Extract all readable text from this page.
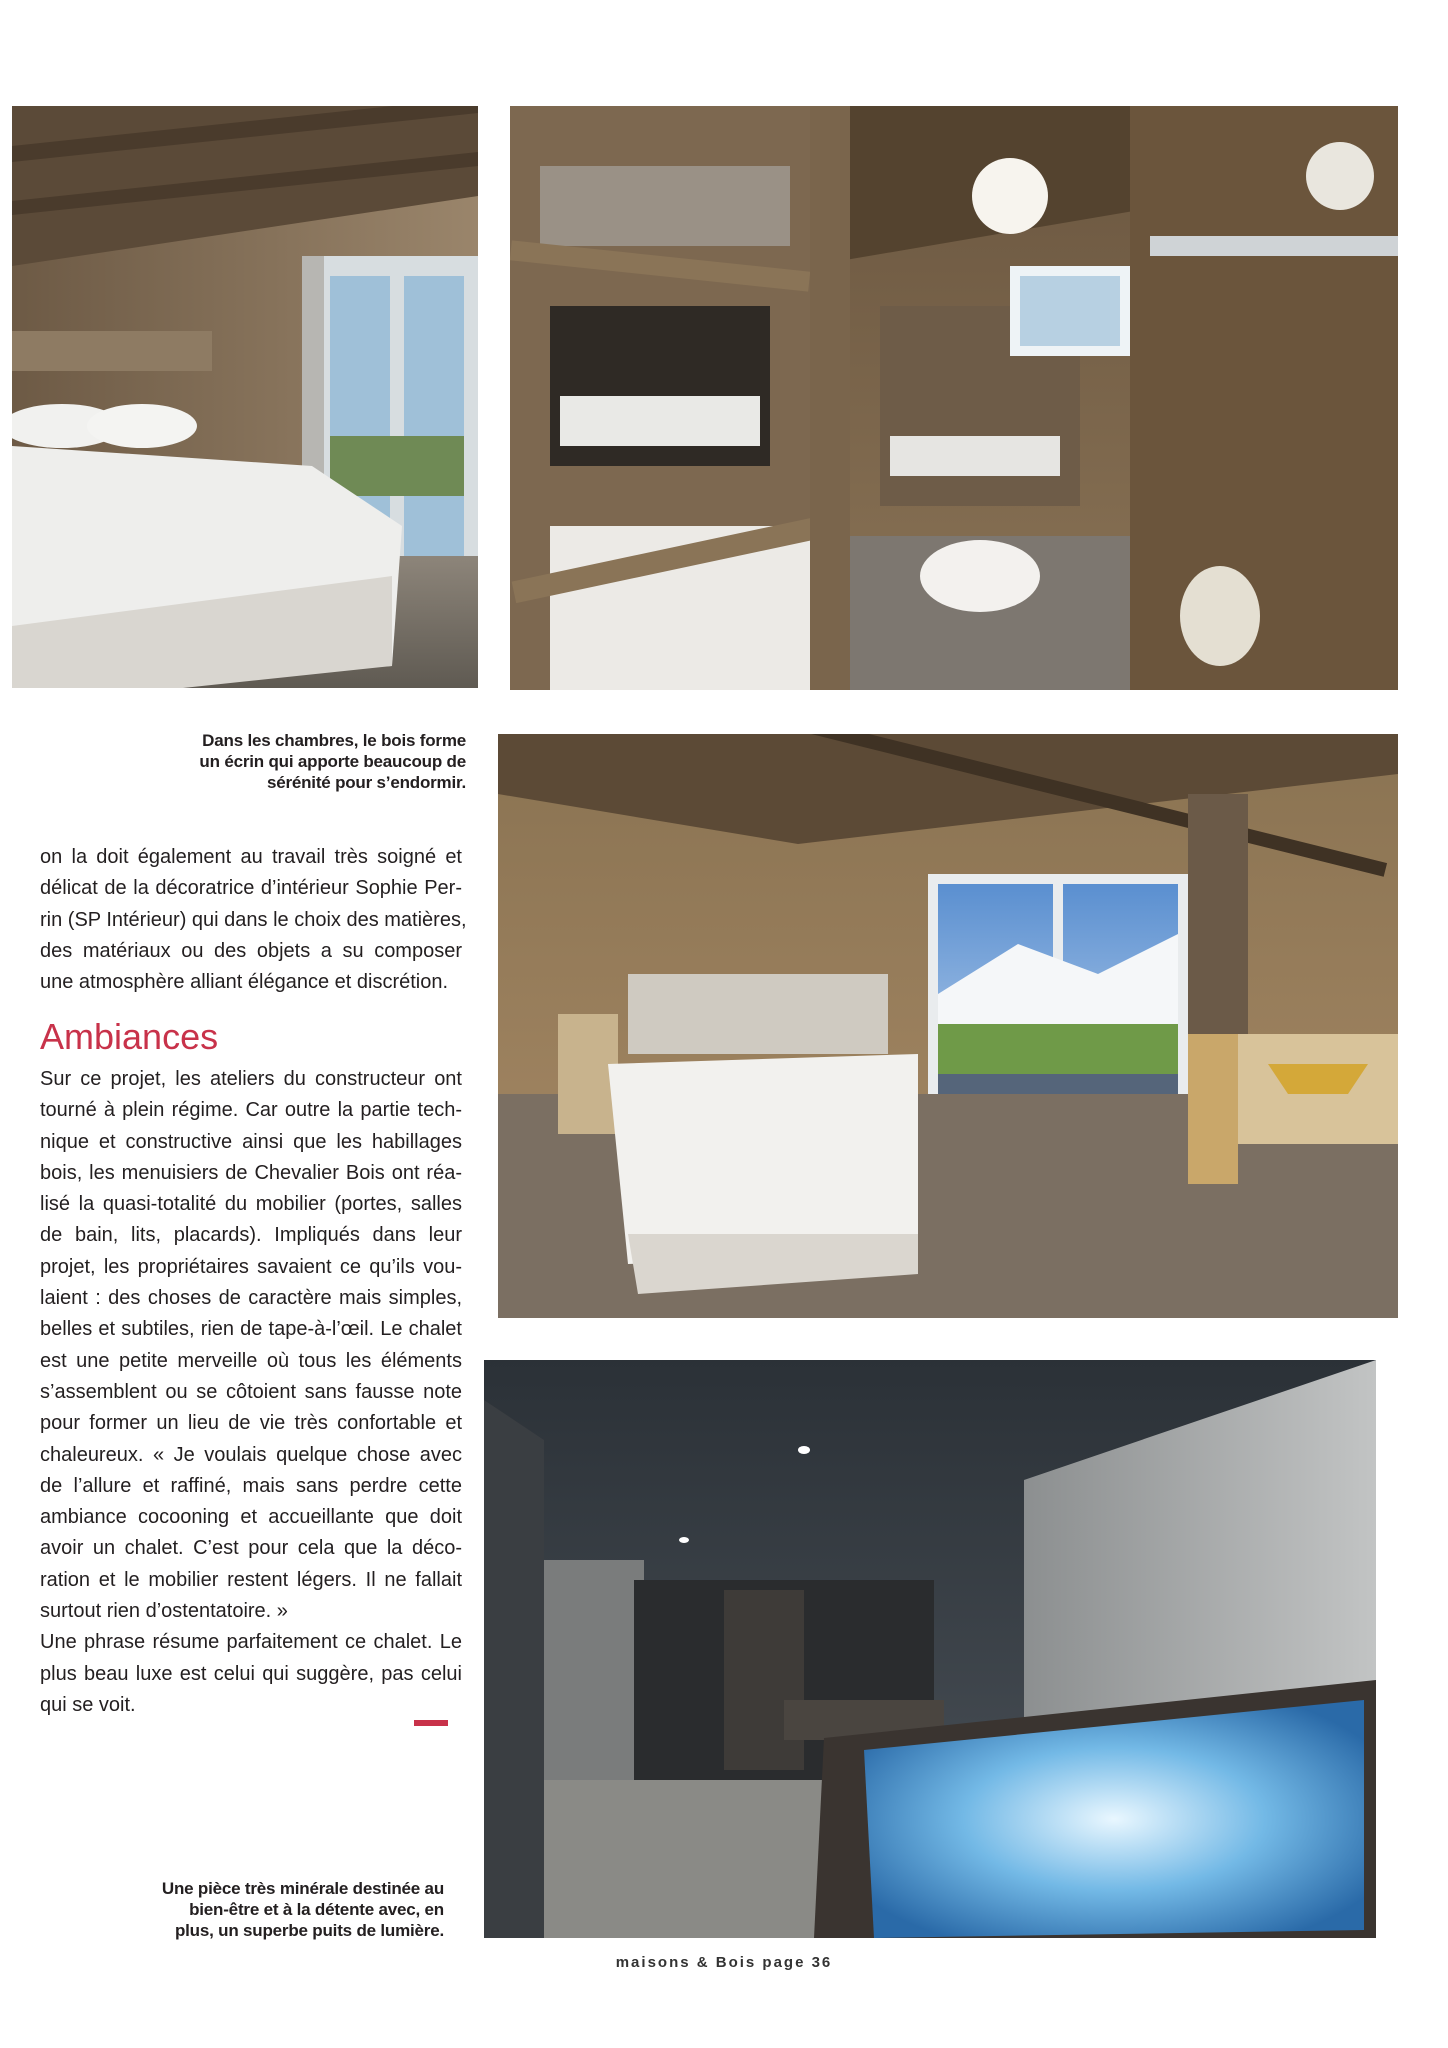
Dans les chambres, le bois forme
un écrin qui apporte beaucoup de
sérénité pour s’endormir.
on la doit également au travail très soigné et
délicat de la décoratrice d’intérieur Sophie Per-
rin (SP Intérieur) qui dans le choix des matières,
des matériaux ou des objets a su composer
une atmosphère alliant élégance et discrétion.
Ambiances
Sur ce projet, les ateliers du constructeur ont
tourné à plein régime. Car outre la partie tech-
nique et constructive ainsi que les habillages
bois, les menuisiers de Chevalier Bois ont réa-
lisé la quasi-totalité du mobilier (portes, salles
de bain, lits, placards). Impliqués dans leur
projet, les propriétaires savaient ce qu’ils vou-
laient : des choses de caractère mais simples,
belles et subtiles, rien de tape-à-l’œil. Le chalet
est une petite merveille où tous les éléments
s’assemblent ou se côtoient sans fausse note
pour former un lieu de vie très confortable et
chaleureux. « Je voulais quelque chose avec
de l’allure et raffiné, mais sans perdre cette
ambiance cocooning et accueillante que doit
avoir un chalet. C’est pour cela que la déco-
ration et le mobilier restent légers. Il ne fallait
surtout rien d’ostentatoire. »
Une phrase résume parfaitement ce chalet. Le
plus beau luxe est celui qui suggère, pas celui
qui se voit.
Une pièce très minérale destinée au
bien-être et à la détente avec, en
plus, un superbe puits de lumière.
maisons & Bois page 36
